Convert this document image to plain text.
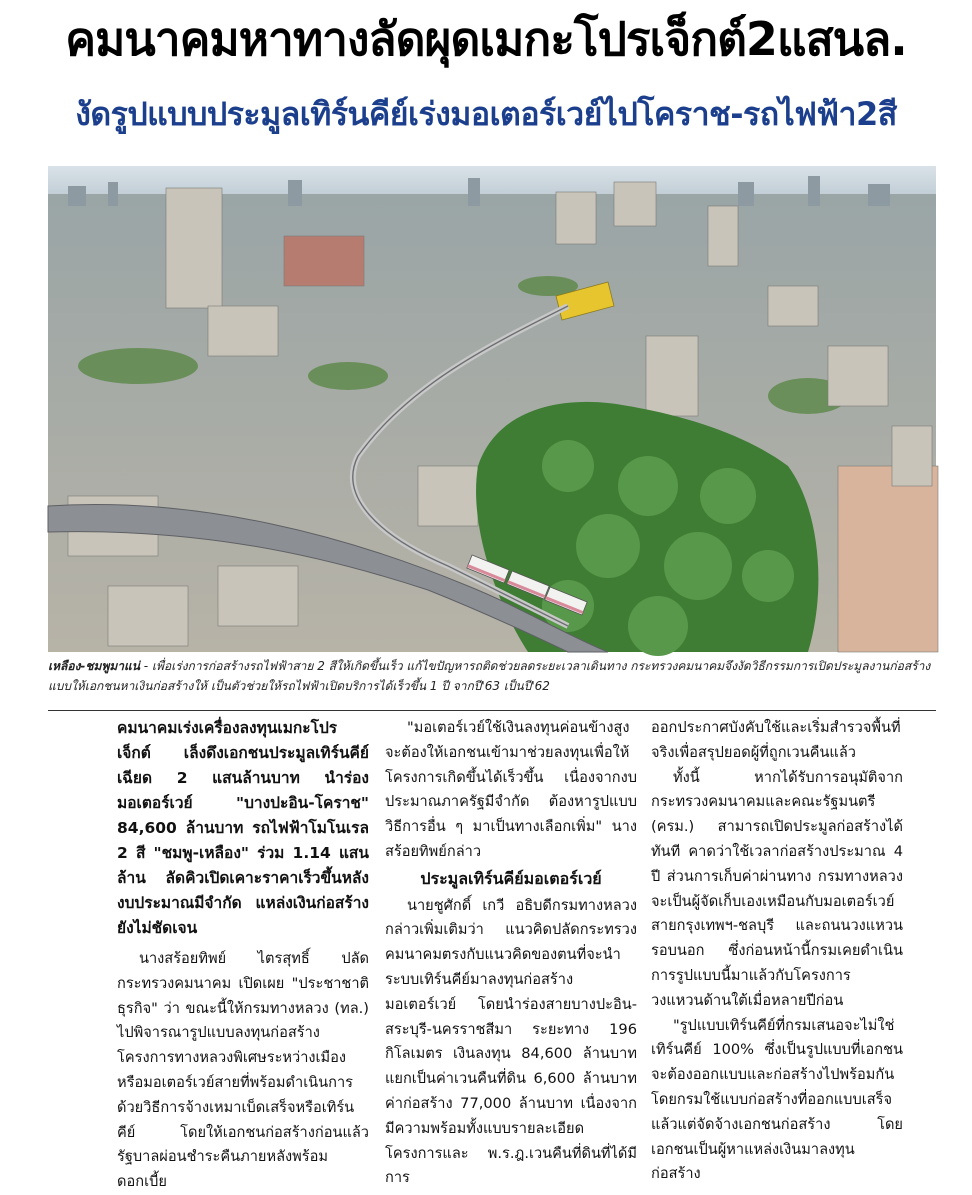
คมนาคมหาทางลัดผุดเมกะโปรเจ็กต์2แสนล.
งัดรูปแบบประมูลเทิร์นคีย์เร่งมอเตอร์เวย์ไปโคราช-รถไฟฟ้า2สี
เหลือง-ชมพูมาแน่ - เพื่อเร่งการก่อสร้างรถไฟฟ้าสาย 2 สีให้เกิดขึ้นเร็ว แก้ไขปัญหารถติดช่วยลดระยะเวลาเดินทาง กระทรวงคมนาคมจึงงัดวิธีกรรมการเปิดประมูลงานก่อสร้างแบบให้เอกชนหาเงินก่อสร้างให้ เป็นตัวช่วยให้รถไฟฟ้าเปิดบริการได้เร็วขึ้น 1 ปี จากปี'63 เป็นปี'62

คมนาคมเร่งเครื่องลงทุนเมกะโปรเจ็กต์ เล็งดึงเอกชนประมูลเทิร์นคีย์เฉียด 2 แสนล้านบาท นำร่องมอเตอร์เวย์ "บางปะอิน-โคราช" 84,600 ล้านบาท รถไฟฟ้าโมโนเรล 2 สี "ชมพู-เหลือง" ร่วม 1.14 แสนล้าน ลัดคิวเปิดเคาะราคาเร็วขึ้นหลังงบประมาณมีจำกัด แหล่งเงินก่อสร้างยังไม่ชัดเจน

นางสร้อยทิพย์ ไตรสุทธิ์ ปลัดกระทรวงคมนาคม เปิดเผย "ประชาชาติธุรกิจ" ว่า ขณะนี้ให้กรมทางหลวง (ทล.) ไปพิจารณารูปแบบลงทุนก่อสร้างโครงการทางหลวงพิเศษระหว่างเมืองหรือมอเตอร์เวย์สายที่พร้อมดำเนินการด้วยวิธีการจ้างเหมาเบ็ดเสร็จหรือเทิร์นคีย์ โดยให้เอกชนก่อสร้างก่อนแล้วรัฐบาลผ่อนชำระคืนภายหลังพร้อมดอกเบี้ย

"มอเตอร์เวย์ใช้เงินลงทุนค่อนข้างสูง จะต้องให้เอกชนเข้ามาช่วยลงทุนเพื่อให้โครงการเกิดขึ้นได้เร็วขึ้น เนื่องจากงบประมาณภาครัฐมีจำกัด ต้องหารูปแบบวิธีการอื่น ๆ มาเป็นทางเลือกเพิ่ม" นางสร้อยทิพย์กล่าว

ประมูลเทิร์นคีย์มอเตอร์เวย์

นายชูศักดิ์ เกวี อธิบดีกรมทางหลวงกล่าวเพิ่มเติมว่า แนวคิดปลัดกระทรวงคมนาคมตรงกับแนวคิดของตนที่จะนำระบบเทิร์นคีย์มาลงทุนก่อสร้างมอเตอร์เวย์ โดยนำร่องสายบางปะอิน-สระบุรี-นครราชสีมา ระยะทาง 196 กิโลเมตร เงินลงทุน 84,600 ล้านบาท แยกเป็นค่าเวนคืนที่ดิน 6,600 ล้านบาท ค่าก่อสร้าง 77,000 ล้านบาท เนื่องจากมีความพร้อมทั้งแบบรายละเอียดโครงการและ พ.ร.ฎ.เวนคืนที่ดินที่ได้มีการ

ออกประกาศบังคับใช้และเริ่มสำรวจพื้นที่จริงเพื่อสรุปยอดผู้ที่ถูกเวนคืนแล้ว

ทั้งนี้ หากได้รับการอนุมัติจากกระทรวงคมนาคมและคณะรัฐมนตรี (ครม.) สามารถเปิดประมูลก่อสร้างได้ทันที คาดว่าใช้เวลาก่อสร้างประมาณ 4 ปี ส่วนการเก็บค่าผ่านทาง กรมทางหลวงจะเป็นผู้จัดเก็บเองเหมือนกับมอเตอร์เวย์สายกรุงเทพฯ-ชลบุรี และถนนวงแหวนรอบนอก ซึ่งก่อนหน้านี้กรมเคยดำเนินการรูปแบบนี้มาแล้วกับโครงการวงแหวนด้านใต้เมื่อหลายปีก่อน

"รูปแบบเทิร์นคีย์ที่กรมเสนอจะไม่ใช่เทิร์นคีย์ 100% ซึ่งเป็นรูปแบบที่เอกชนจะต้องออกแบบและก่อสร้างไปพร้อมกัน โดยกรมใช้แบบก่อสร้างที่ออกแบบเสร็จแล้วแต่จัดจ้างเอกชนก่อสร้าง โดยเอกชนเป็นผู้หาแหล่งเงินมาลงทุนก่อสร้าง
